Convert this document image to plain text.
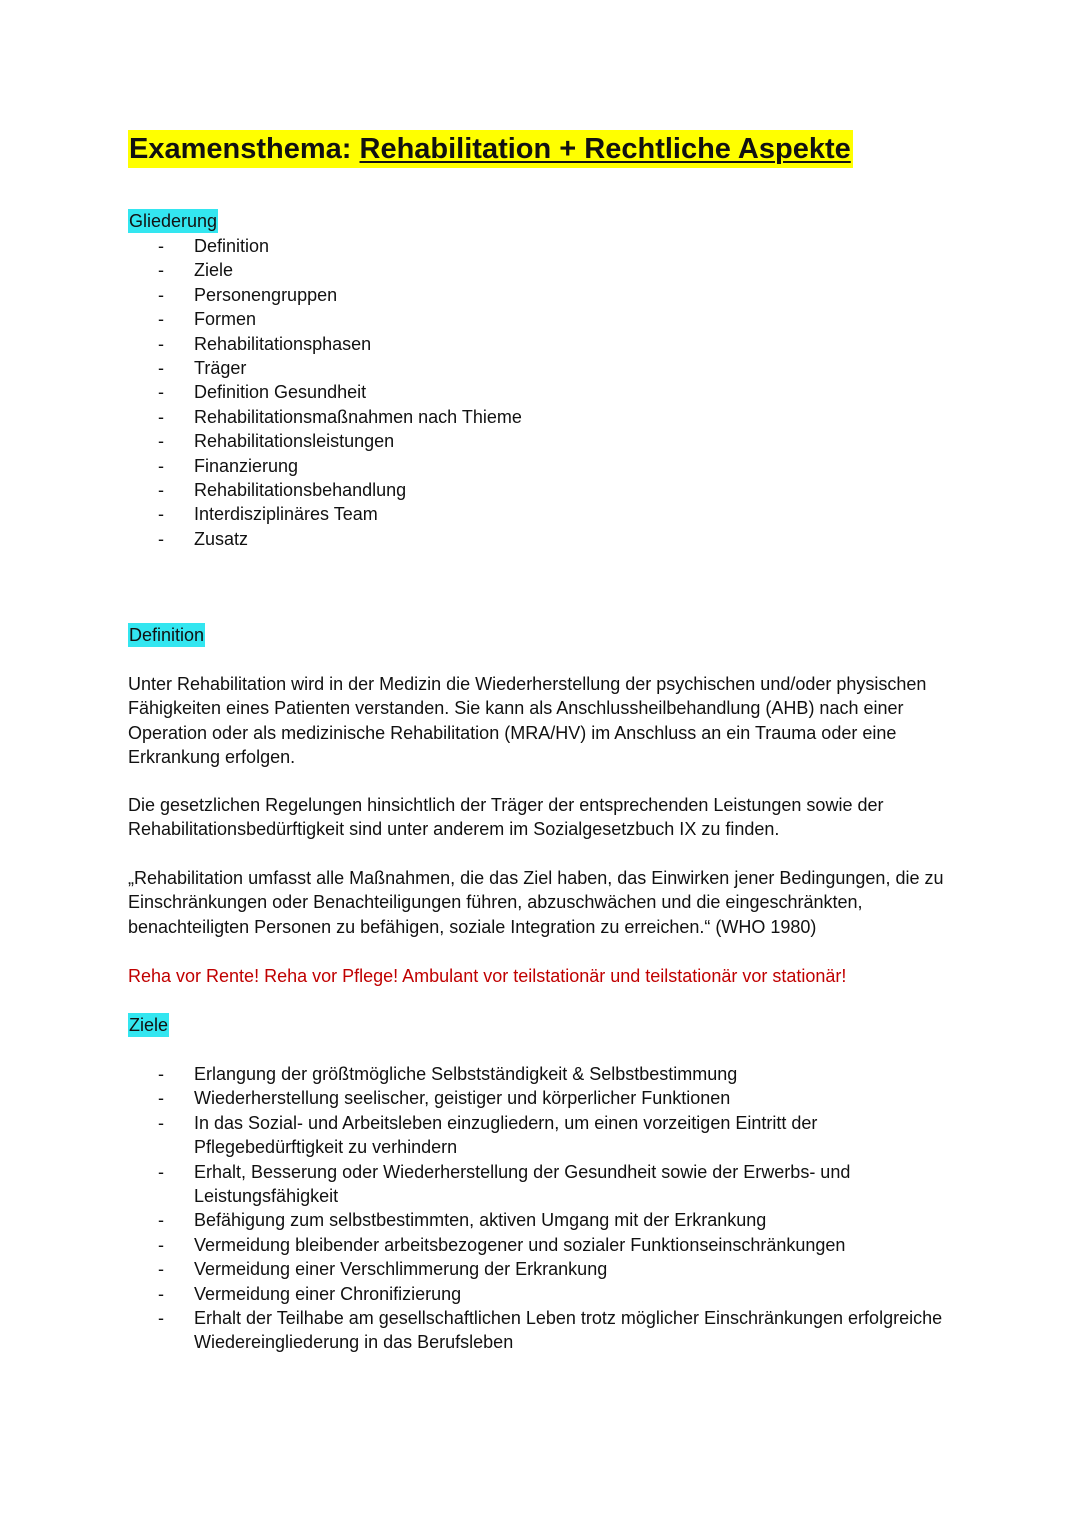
Examensthema: Rehabilitation + Rechtliche Aspekte
Gliederung
- Definition
- Ziele
- Personengruppen
- Formen
- Rehabilitationsphasen
- Träger
- Definition Gesundheit
- Rehabilitationsmaßnahmen nach Thieme
- Rehabilitationsleistungen
- Finanzierung
- Rehabilitationsbehandlung
- Interdisziplinäres Team
- Zusatz
Definition

Unter Rehabilitation wird in der Medizin die Wiederherstellung der psychischen und/oder physischen Fähigkeiten eines Patienten verstanden. Sie kann als Anschlussheilbehandlung (AHB) nach einer Operation oder als medizinische Rehabilitation (MRA/HV) im Anschluss an ein Trauma oder eine Erkrankung erfolgen.

Die gesetzlichen Regelungen hinsichtlich der Träger der entsprechenden Leistungen sowie der Rehabilitationsbedürftigkeit sind unter anderem im Sozialgesetzbuch IX zu finden.

„Rehabilitation umfasst alle Maßnahmen, die das Ziel haben, das Einwirken jener Bedingungen, die zu Einschränkungen oder Benachteiligungen führen, abzuschwächen und die eingeschränkten, benachteiligten Personen zu befähigen, soziale Integration zu erreichen.“ (WHO 1980)

Reha vor Rente! Reha vor Pflege! Ambulant vor teilstationär und teilstationär vor stationär!

Ziele
- Erlangung der größtmögliche Selbstständigkeit & Selbstbestimmung
- Wiederherstellung seelischer, geistiger und körperlicher Funktionen
- In das Sozial- und Arbeitsleben einzugliedern, um einen vorzeitigen Eintritt der Pflegebedürftigkeit zu verhindern
- Erhalt, Besserung oder Wiederherstellung der Gesundheit sowie der Erwerbs- und Leistungsfähigkeit
- Befähigung zum selbstbestimmten, aktiven Umgang mit der Erkrankung
- Vermeidung bleibender arbeitsbezogener und sozialer Funktionseinschränkungen
- Vermeidung einer Verschlimmerung der Erkrankung
- Vermeidung einer Chronifizierung
- Erhalt der Teilhabe am gesellschaftlichen Leben trotz möglicher Einschränkungen erfolgreiche Wiedereingliederung in das Berufsleben
